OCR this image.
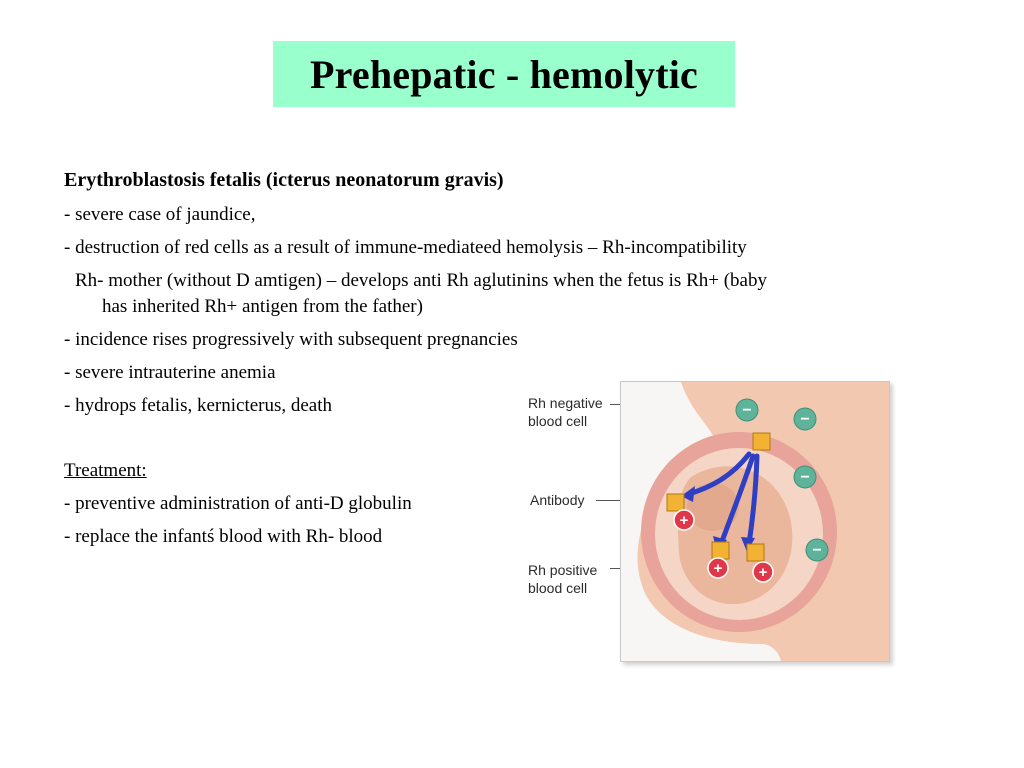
Prehepatic - hemolytic
Erythroblastosis fetalis (icterus neonatorum gravis)
- severe case of jaundice,
- destruction of red cells as a result of immune-mediateed hemolysis – Rh-incompatibility
Rh- mother (without D amtigen) – develops anti Rh aglutinins when the fetus is Rh+ (baby
has inherited Rh+ antigen from the father)
- incidence rises progressively with subsequent pregnancies
- severe intrauterine anemia
- hydrops fetalis, kernicterus, death
Treatment:
- preventive administration of anti-D globulin
- replace the infantś blood with Rh- blood
Rh negative
blood cell
Antibody
Rh positive
blood cell
+
+ +
−
−
−
−
